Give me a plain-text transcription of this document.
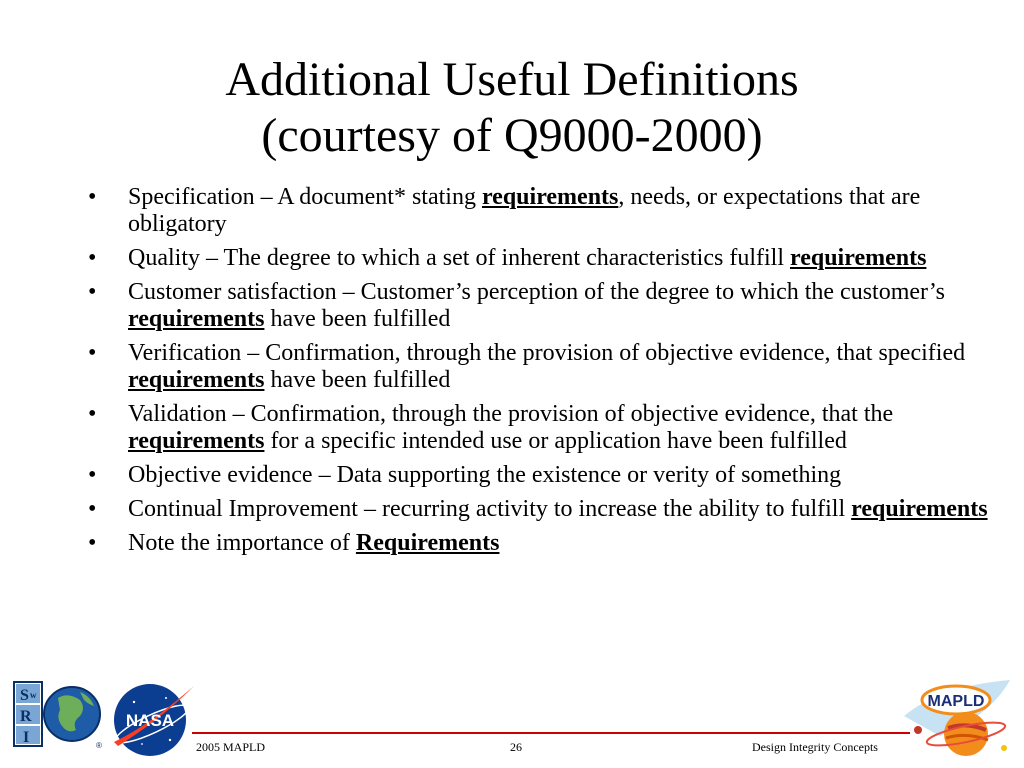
Additional Useful Definitions
(courtesy of Q9000-2000)
• Specification – A document* stating requirements, needs, or expectations that are obligatory
• Quality – The degree to which a set of inherent characteristics fulfill requirements
• Customer satisfaction – Customer’s perception of the degree to which the customer’s requirements have been fulfilled
• Verification – Confirmation, through the provision of objective evidence, that specified requirements have been fulfilled
• Validation – Confirmation, through the provision of objective evidence, that the requirements for a specific intended use or application have been fulfilled
• Objective evidence – Data supporting the existence or verity of something
• Continual Improvement – recurring activity to increase the ability to fulfill requirements
• Note the importance of Requirements
S w
R
I	®
NASA
MAPLD
2005 MAPLD	26	Design Integrity Concepts
